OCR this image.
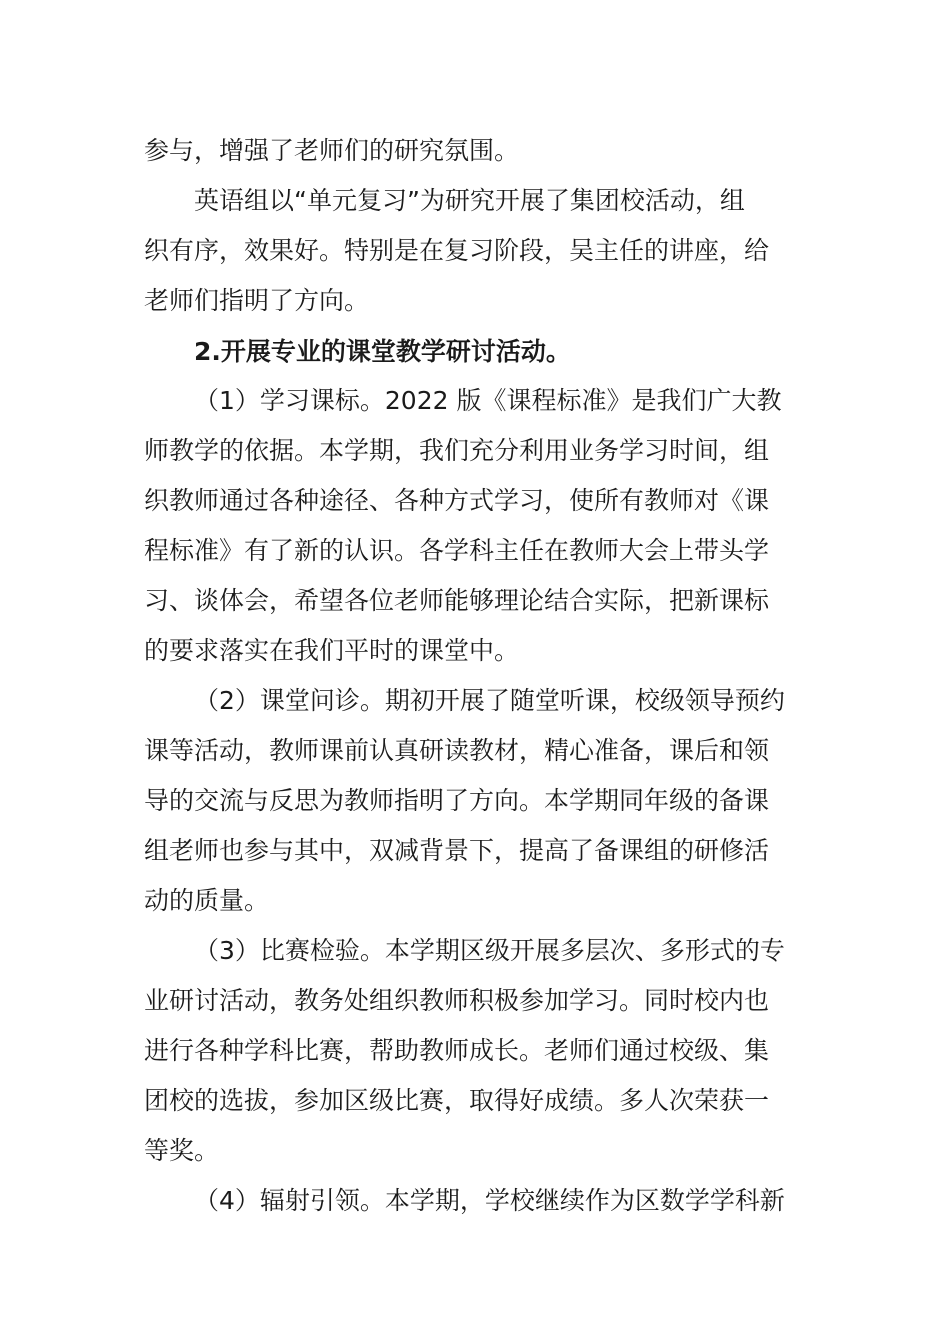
参与，增强了老师们的研究氛围。

英语组以“单元复习”为研究开展了集团校活动，组

织有序，效果好。特别是在复习阶段，吴主任的讲座，给

老师们指明了方向。

2.开展专业的课堂教学研讨活动。

（1）学习课标。2022 版《课程标准》是我们广大教

师教学的依据。本学期，我们充分利用业务学习时间，组

织教师通过各种途径、各种方式学习，使所有教师对《课

程标准》有了新的认识。各学科主任在教师大会上带头学

习、谈体会，希望各位老师能够理论结合实际，把新课标

的要求落实在我们平时的课堂中。

（2）课堂问诊。期初开展了随堂听课，校级领导预约

课等活动，教师课前认真研读教材，精心准备，课后和领

导的交流与反思为教师指明了方向。本学期同年级的备课

组老师也参与其中，双减背景下，提高了备课组的研修活

动的质量。

（3）比赛检验。本学期区级开展多层次、多形式的专

业研讨活动，教务处组织教师积极参加学习。同时校内也

进行各种学科比赛，帮助教师成长。老师们通过校级、集

团校的选拔，参加区级比赛，取得好成绩。多人次荣获一

等奖。

（4）辐射引领。本学期，学校继续作为区数学学科新
